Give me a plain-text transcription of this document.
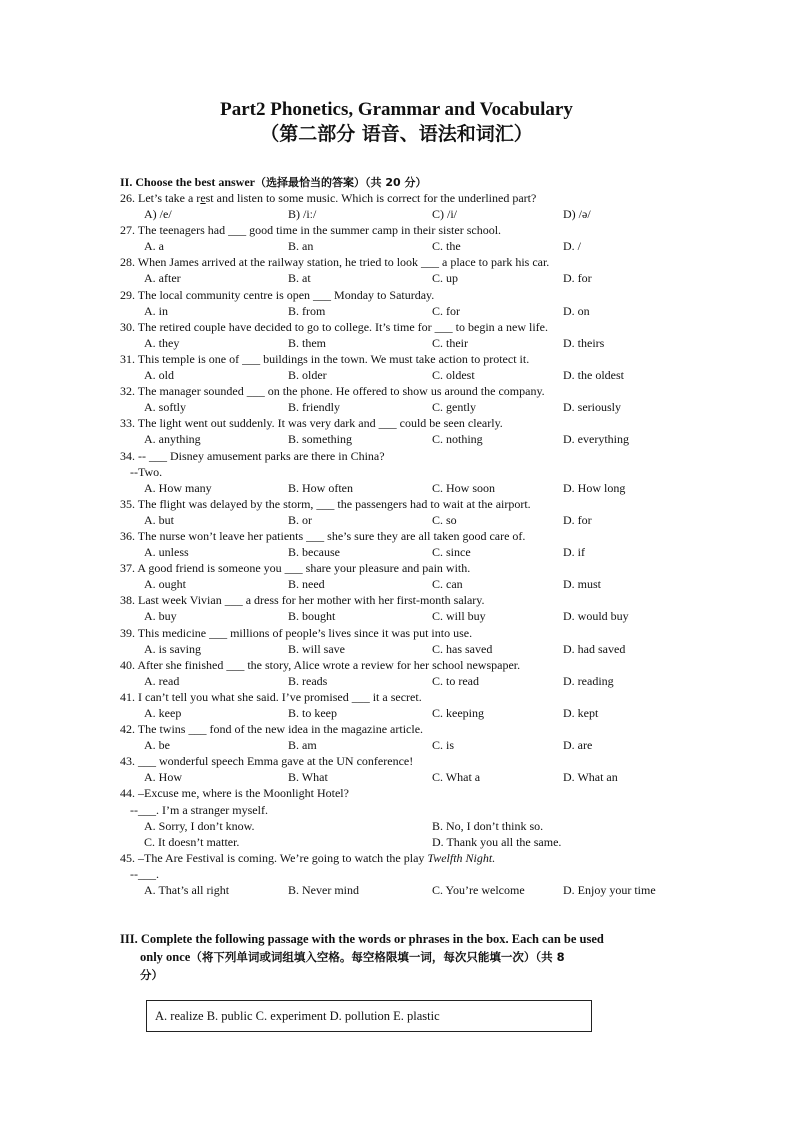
Part2 Phonetics, Grammar and Vocabulary
（第二部分 语音、语法和词汇）
II. Choose the best answer（选择最恰当的答案）（共 20 分）
26. Let’s take a rest and listen to some music. Which is correct for the underlined part?
A) /e/	B) /iː/	C) /i/	D) /ə/
27. The teenagers had ___ good time in the summer camp in their sister school.
A. a	B. an	C. the	D. /
28. When James arrived at the railway station, he tried to look ___ a place to park his car.
A. after	B. at	C. up	D. for
29. The local community centre is open ___ Monday to Saturday.
A. in	B. from	C. for	D. on
30. The retired couple have decided to go to college. It’s time for ___ to begin a new life.
A. they	B. them	C. their	D. theirs
31. This temple is one of ___ buildings in the town. We must take action to protect it.
A. old	B. older	C. oldest	D. the oldest
32. The manager sounded ___ on the phone. He offered to show us around the company.
A. softly	B. friendly	C. gently	D. seriously
33. The light went out suddenly. It was very dark and ___ could be seen clearly.
A. anything	B. something	C. nothing	D. everything
34. -- ___ Disney amusement parks are there in China?
--Two.
A. How many	B. How often	C. How soon	D. How long
35. The flight was delayed by the storm, ___ the passengers had to wait at the airport.
A. but	B. or	C. so	D. for
36. The nurse won’t leave her patients ___ she’s sure they are all taken good care of.
A. unless	B. because	C. since	D. if
37. A good friend is someone you ___ share your pleasure and pain with.
A. ought	B. need	C. can	D. must
38. Last week Vivian ___ a dress for her mother with her first-month salary.
A. buy	B. bought	C. will buy	D. would buy
39. This medicine ___ millions of people’s lives since it was put into use.
A. is saving	B. will save	C. has saved	D. had saved
40. After she finished ___ the story, Alice wrote a review for her school newspaper.
A. read	B. reads	C. to read	D. reading
41. I can’t tell you what she said. I’ve promised ___ it a secret.
A. keep	B. to keep	C. keeping	D. kept
42. The twins ___ fond of the new idea in the magazine article.
A. be	B. am	C. is	D. are
43. ___ wonderful speech Emma gave at the UN conference!
A. How	B. What	C. What a	D. What an
44. –Excuse me, where is the Moonlight Hotel?
--___. I’m a stranger myself.
A. Sorry, I don’t know.	B. No, I don’t think so.
C. It doesn’t matter.	D. Thank you all the same.
45. –The Are Festival is coming. We’re going to watch the play Twelfth Night.
--___.
A. That’s all right	B. Never mind	C. You’re welcome	D. Enjoy your time
III. Complete the following passage with the words or phrases in the box. Each can be used
only once（将下列单词或词组填入空格。每空格限填一词，每次只能填一次）（共 8
分）
A. realize B. public C. experiment D. pollution E. plastic
